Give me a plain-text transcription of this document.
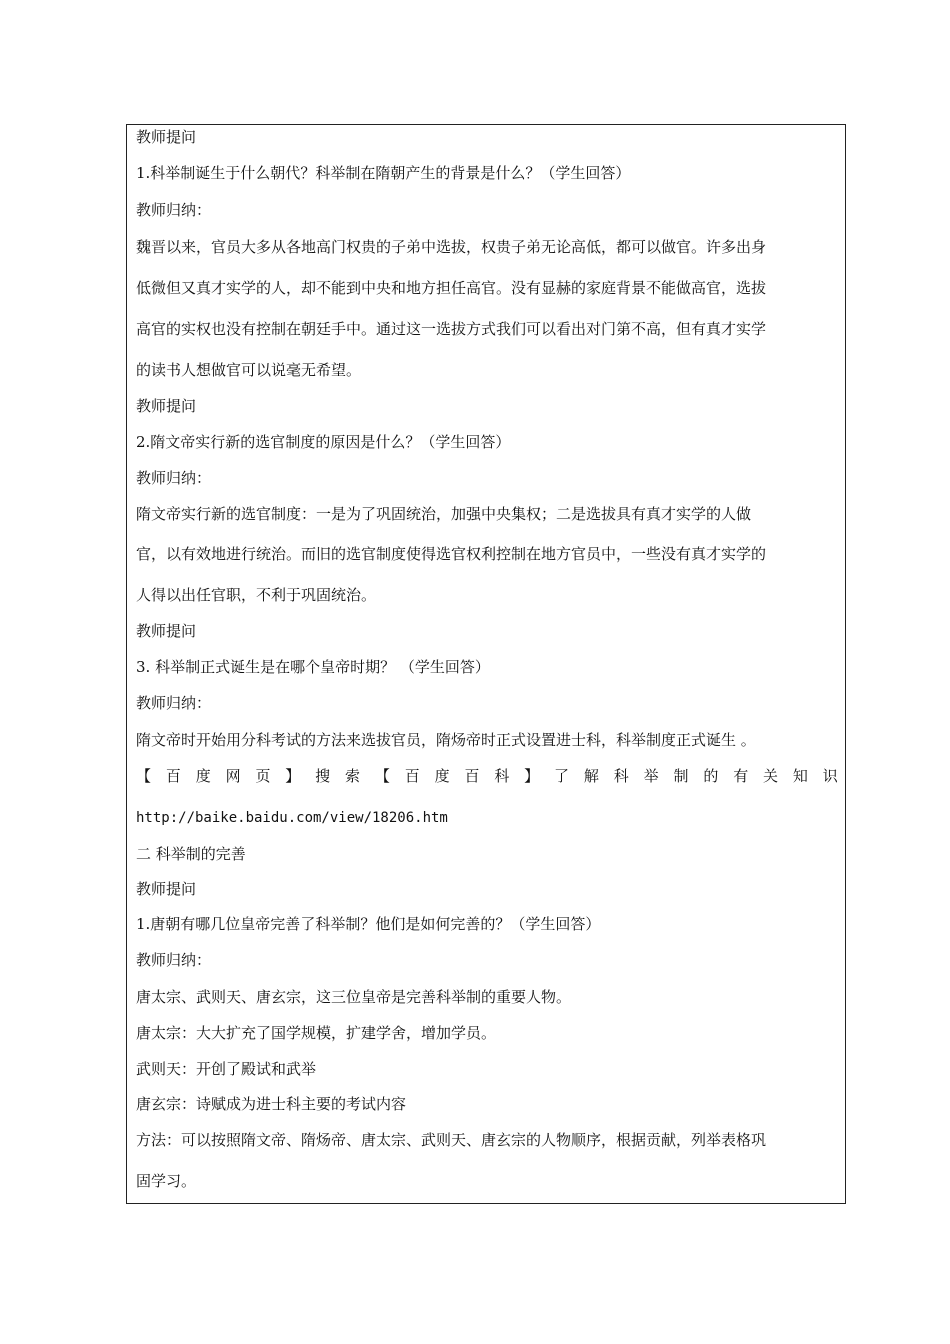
教师提问
1.科举制诞生于什么朝代？科举制在隋朝产生的背景是什么？（学生回答）
教师归纳：
魏晋以来，官员大多从各地高门权贵的子弟中选拔，权贵子弟无论高低，都可以做官。许多出身
低微但又真才实学的人，却不能到中央和地方担任高官。没有显赫的家庭背景不能做高官，选拔
高官的实权也没有控制在朝廷手中。通过这一选拔方式我们可以看出对门第不高，但有真才实学
的读书人想做官可以说毫无希望。
教师提问
2.隋文帝实行新的选官制度的原因是什么？（学生回答）
教师归纳：
隋文帝实行新的选官制度：一是为了巩固统治，加强中央集权；二是选拔具有真才实学的人做
官，以有效地进行统治。而旧的选官制度使得选官权利控制在地方官员中，一些没有真才实学的
人得以出任官职，不利于巩固统治。
教师提问
3. 科举制正式诞生是在哪个皇帝时期？ （学生回答）
教师归纳：
隋文帝时开始用分科考试的方法来选拔官员，隋炀帝时正式设置进士科，科举制度正式诞生 。
【 百 度 网 页 】 搜 索 【 百 度 百 科 】 了 解 科 举 制 的 有 关 知 识
http://baike.baidu.com/view/18206.htm
二 科举制的完善
教师提问
1.唐朝有哪几位皇帝完善了科举制？他们是如何完善的？（学生回答）
教师归纳：
唐太宗、武则天、唐玄宗，这三位皇帝是完善科举制的重要人物。
唐太宗：大大扩充了国学规模，扩建学舍，增加学员。
武则天：开创了殿试和武举
唐玄宗：诗赋成为进士科主要的考试内容
方法：可以按照隋文帝、隋炀帝、唐太宗、武则天、唐玄宗的人物顺序，根据贡献，列举表格巩
固学习。
